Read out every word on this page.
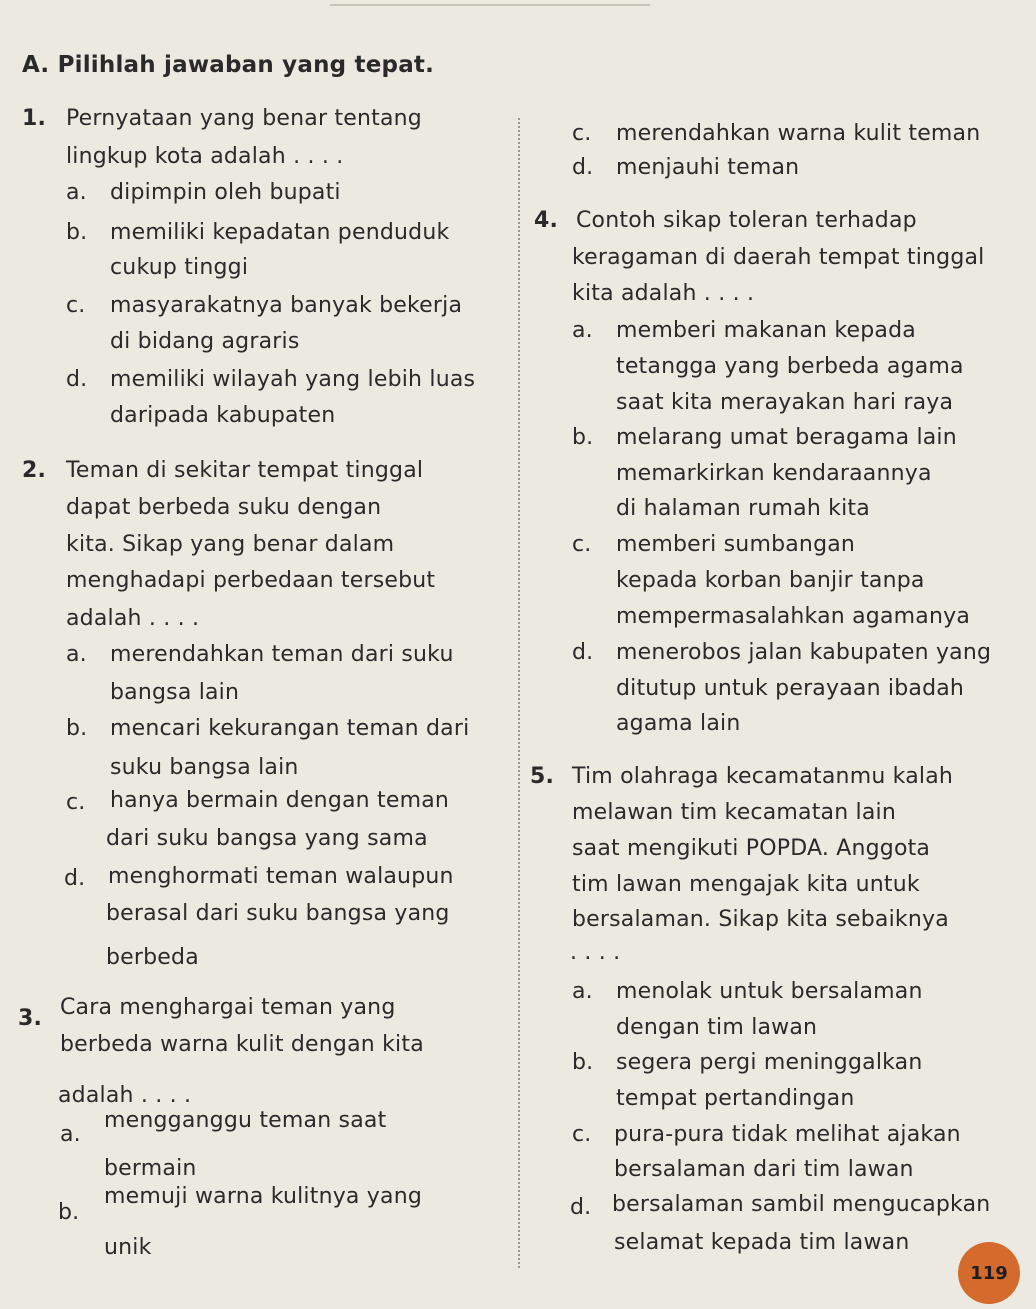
A. Pilihlah jawaban yang tepat.
1. Pernyataan yang benar tentang
lingkup kota adalah . . . .
a. dipimpin oleh bupati
b. memiliki kepadatan penduduk
cukup tinggi
c. masyarakatnya banyak bekerja
di bidang agraris
d. memiliki wilayah yang lebih luas
daripada kabupaten
2. Teman di sekitar tempat tinggal
dapat berbeda suku dengan
kita. Sikap yang benar dalam
menghadapi perbedaan tersebut
adalah . . . .
a. merendahkan teman dari suku
bangsa lain
b. mencari kekurangan teman dari
suku bangsa lain
c. hanya bermain dengan teman
dari suku bangsa yang sama
d. menghormati teman walaupun
berasal dari suku bangsa yang
berbeda
3. Cara menghargai teman yang
berbeda warna kulit dengan kita
adalah . . . .
a.
mengganggu teman saat
bermain
b.
memuji warna kulitnya yang
unik
c. merendahkan warna kulit teman
d. menjauhi teman
4. Contoh sikap toleran terhadap
keragaman di daerah tempat tinggal
kita adalah . . . .
a. memberi makanan kepada
tetangga yang berbeda agama
saat kita merayakan hari raya
b. melarang umat beragama lain
memarkirkan kendaraannya
di halaman rumah kita
c. memberi sumbangan
kepada korban banjir tanpa
mempermasalahkan agamanya
d. menerobos jalan kabupaten yang
ditutup untuk perayaan ibadah
agama lain
5. Tim olahraga kecamatanmu kalah
melawan tim kecamatan lain
saat mengikuti POPDA. Anggota
tim lawan mengajak kita untuk
bersalaman. Sikap kita sebaiknya
. . . .
a. menolak untuk bersalaman
dengan tim lawan
b. segera pergi meninggalkan
tempat pertandingan
c. pura-pura tidak melihat ajakan
bersalaman dari tim lawan
d. bersalaman sambil mengucapkan
selamat kepada tim lawan
119
